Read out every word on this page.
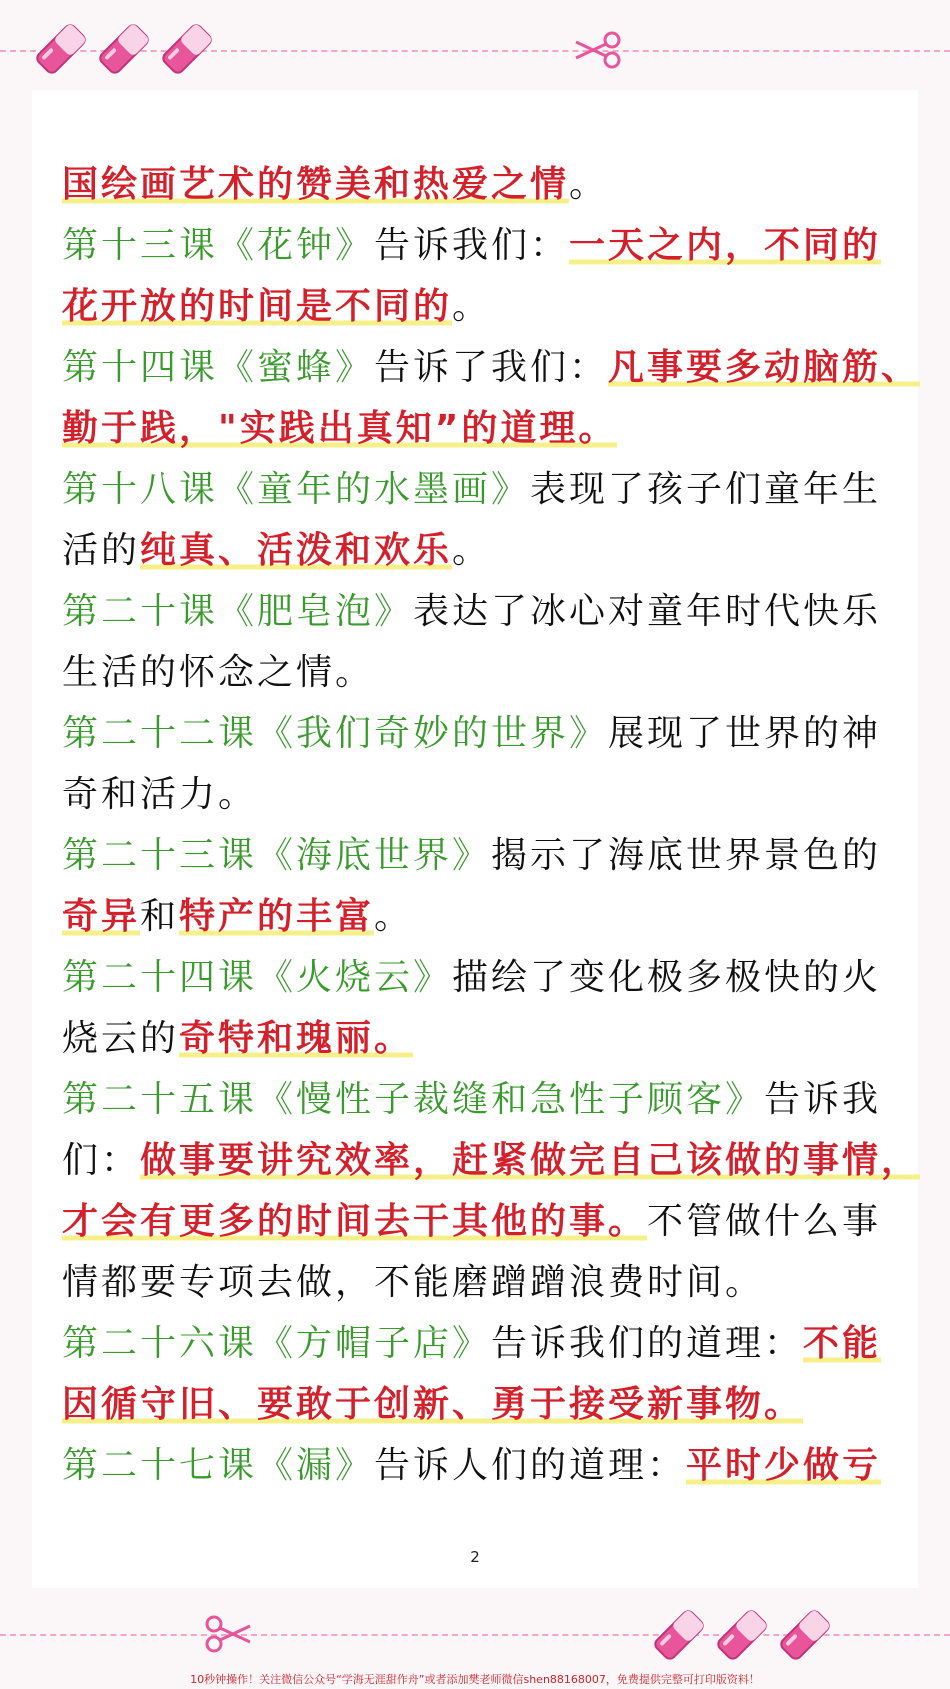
国绘画艺术的赞美和热爱之情。
第十三课《花钟》告诉我们：一天之内，不同的
花开放的时间是不同的。
第十四课《蜜蜂》告诉了我们：凡事要多动脑筋、
勤于践，"实践出真知”的道理。
第十八课《童年的水墨画》表现了孩子们童年生
活的纯真、活泼和欢乐。
第二十课《肥皂泡》表达了冰心对童年时代快乐
生活的怀念之情。
第二十二课《我们奇妙的世界》展现了世界的神
奇和活力。
第二十三课《海底世界》揭示了海底世界景色的
奇异和特产的丰富。
第二十四课《火烧云》描绘了变化极多极快的火
烧云的奇特和瑰丽。
第二十五课《慢性子裁缝和急性子顾客》告诉我
们：做事要讲究效率，赶紧做完自己该做的事情，
才会有更多的时间去干其他的事。不管做什么事
情都要专项去做，不能磨蹭蹭浪费时间。
第二十六课《方帽子店》告诉我们的道理：不能
因循守旧、要敢于创新、勇于接受新事物。
第二十七课《漏》告诉人们的道理：平时少做亏
2
10秒钟操作！关注微信公众号“学海无涯甜作舟”或者添加樊老师微信shen88168007，免费提供完整可打印版资料！
